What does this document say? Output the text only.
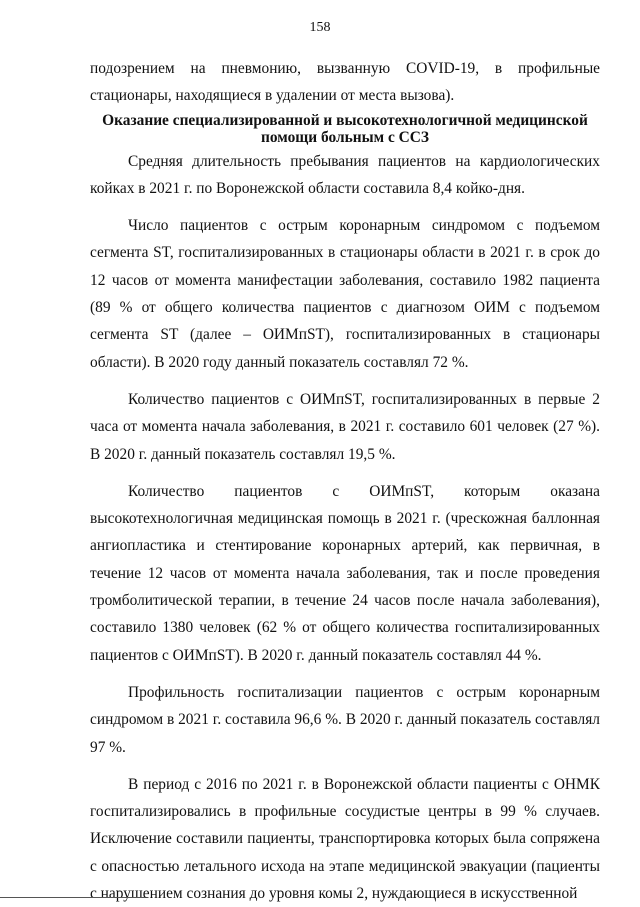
158

подозрением на пневмонию, вызванную COVID-19, в профильные стационары, находящиеся в удалении от места вызова).

Оказание специализированной и высокотехнологичной медицинской помощи больным с ССЗ

Средняя длительность пребывания пациентов на кардиологических койках в 2021 г. по Воронежской области составила 8,4 койко-дня.

Число пациентов с острым коронарным синдромом с подъемом сегмента ST, госпитализированных в стационары области в 2021 г. в срок до 12 часов от момента манифестации заболевания, составило 1982 пациента (89 % от общего количества пациентов с диагнозом ОИМ с подъемом сегмента ST (далее – ОИМпST), госпитализированных в стационары области). В 2020 году данный показатель составлял 72 %.

Количество пациентов с ОИМпST, госпитализированных в первые 2 часа от момента начала заболевания, в 2021 г. составило 601 человек (27 %). В 2020 г. данный показатель составлял 19,5 %.

Количество пациентов с ОИМпST, которым оказана высокотехнологичная медицинская помощь в 2021 г. (чрескожная баллонная ангиопластика и стентирование коронарных артерий, как первичная, в течение 12 часов от момента начала заболевания, так и после проведения тромболитической терапии, в течение 24 часов после начала заболевания), составило 1380 человек (62 % от общего количества госпитализированных пациентов с ОИМпST). В 2020 г. данный показатель составлял 44 %.

Профильность госпитализации пациентов с острым коронарным синдромом в 2021 г. составила 96,6 %. В 2020 г. данный показатель составлял 97 %.

В период с 2016 по 2021 г. в Воронежской области пациенты с ОНМК госпитализировались в профильные сосудистые центры в 99 % случаев. Исключение составили пациенты, транспортировка которых была сопряжена с опасностью летального исхода на этапе медицинской эвакуации (пациенты с нарушением сознания до уровня комы 2, нуждающиеся в искусственной
